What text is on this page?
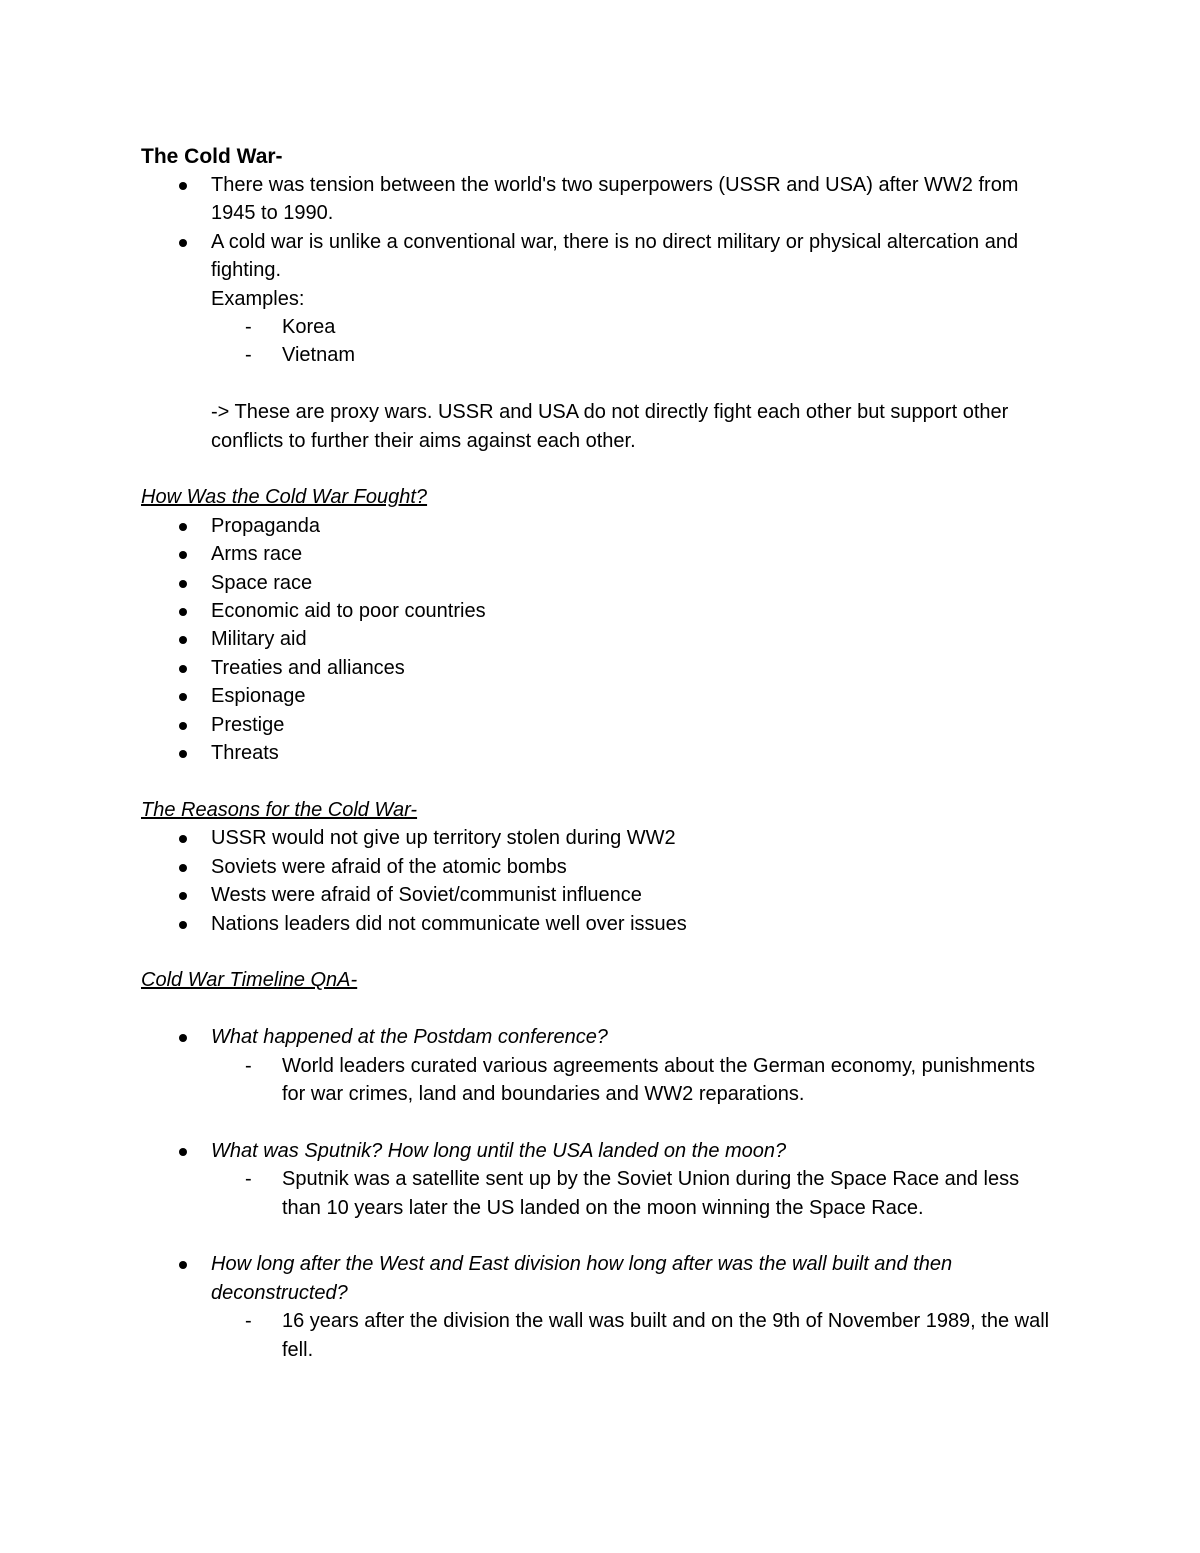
The Cold War-

There was tension between the world's two superpowers (USSR and USA) after WW2 from 1945 to 1990.
A cold war is unlike a conventional war, there is no direct military or physical altercation and fighting.

Examples:

- Korea
- Vietnam

-> These are proxy wars. USSR and USA do not directly fight each other but support other conflicts to further their aims against each other.

How Was the Cold War Fought?

Propaganda
Arms race
Space race
Economic aid to poor countries
Military aid
Treaties and alliances
Espionage
Prestige
Threats

The Reasons for the Cold War-

USSR would not give up territory stolen during WW2
Soviets were afraid of the atomic bombs
Wests were afraid of Soviet/communist influence
Nations leaders did not communicate well over issues

Cold War Timeline QnA-

What happened at the Postdam conference?
- World leaders curated various agreements about the German economy, punishments for war crimes, land and boundaries and WW2 reparations.
What was Sputnik? How long until the USA landed on the moon?
- Sputnik was a satellite sent up by the Soviet Union during the Space Race and less than 10 years later the US landed on the moon winning the Space Race.
How long after the West and East division how long after was the wall built and then deconstructed?
- 16 years after the division the wall was built and on the 9th of November 1989, the wall fell.
